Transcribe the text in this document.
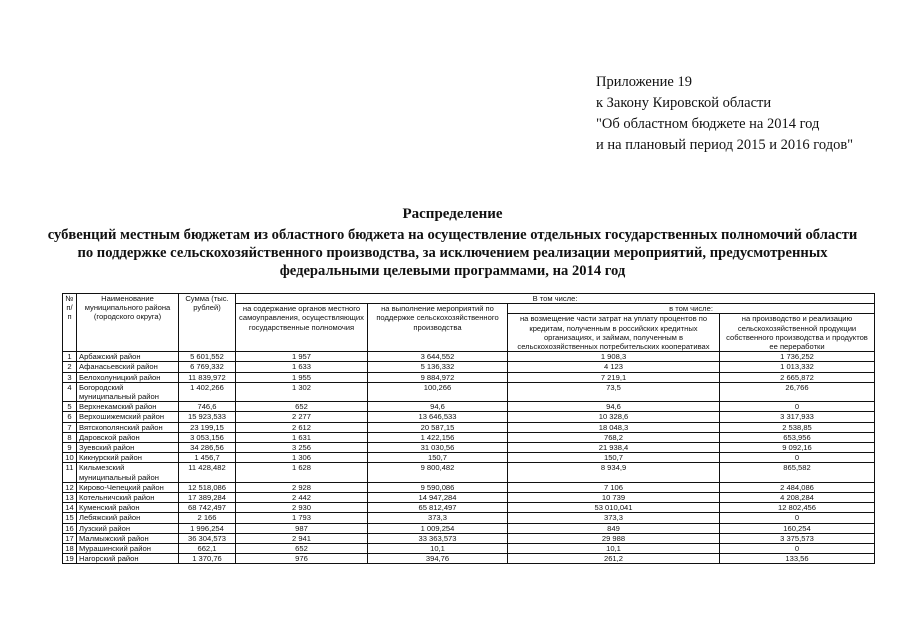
Приложение 19
к Закону Кировской области
"Об областном бюджете на 2014 год
и на плановый период 2015 и 2016 годов"
Распределение
субвенций местным бюджетам из областного бюджета на осуществление отдельных государственных полномочий области по поддержке сельскохозяйственного производства, за исключением реализации мероприятий, предусмотренных федеральными целевыми программами, на 2014 год
№ п/п	Наименование муниципального района (городского округа)	Сумма (тыс. рублей)	В том числе:			
			на содержание органов местного самоуправления, осуществляющих государственные полномочия	на выполнение мероприятий по поддержке сельскохозяйственного производства	в том числе:	
					на возмещение части затрат на уплату процентов по кредитам, полученным в российских кредитных организациях, и займам, полученным в сельскохозяйственных потребительских кооперативах	на производство и реализацию сельскохозяйственной продукции собственного производства и продуктов ее переработки
1	Арбажский район	5 601,552	1 957	3 644,552	1 908,3	1 736,252
2	Афанасьевский район	6 769,332	1 633	5 136,332	4 123	1 013,332
3	Белохолуницкий район	11 839,972	1 955	9 884,972	7 219,1	2 665,872
4	Богородский муниципальный район	1 402,266	1 302	100,266	73,5	26,766
5	Верхнекамский район	746,6	652	94,6	94,6	0
6	Верхошижемский район	15 923,533	2 277	13 646,533	10 328,6	3 317,933
7	Вятскополянский район	23 199,15	2 612	20 587,15	18 048,3	2 538,85
8	Даровской район	3 053,156	1 631	1 422,156	768,2	653,956
9	Зуевский район	34 286,56	3 256	31 030,56	21 938,4	9 092,16
10	Кикнурский район	1 456,7	1 306	150,7	150,7	0
11	Кильмезский муниципальный район	11 428,482	1 628	9 800,482	8 934,9	865,582
12	Кирово-Чепецкий район	12 518,086	2 928	9 590,086	7 106	2 484,086
13	Котельничский район	17 389,284	2 442	14 947,284	10 739	4 208,284
14	Куменский район	68 742,497	2 930	65 812,497	53 010,041	12 802,456
15	Лебяжский район	2 166	1 793	373,3	373,3	0
16	Лузский район	1 996,254	987	1 009,254	849	160,254
17	Малмыжский район	36 304,573	2 941	33 363,573	29 988	3 375,573
18	Мурашинский район	662,1	652	10,1	10,1	0
19	Нагорский район	1 370,76	976	394,76	261,2	133,56
